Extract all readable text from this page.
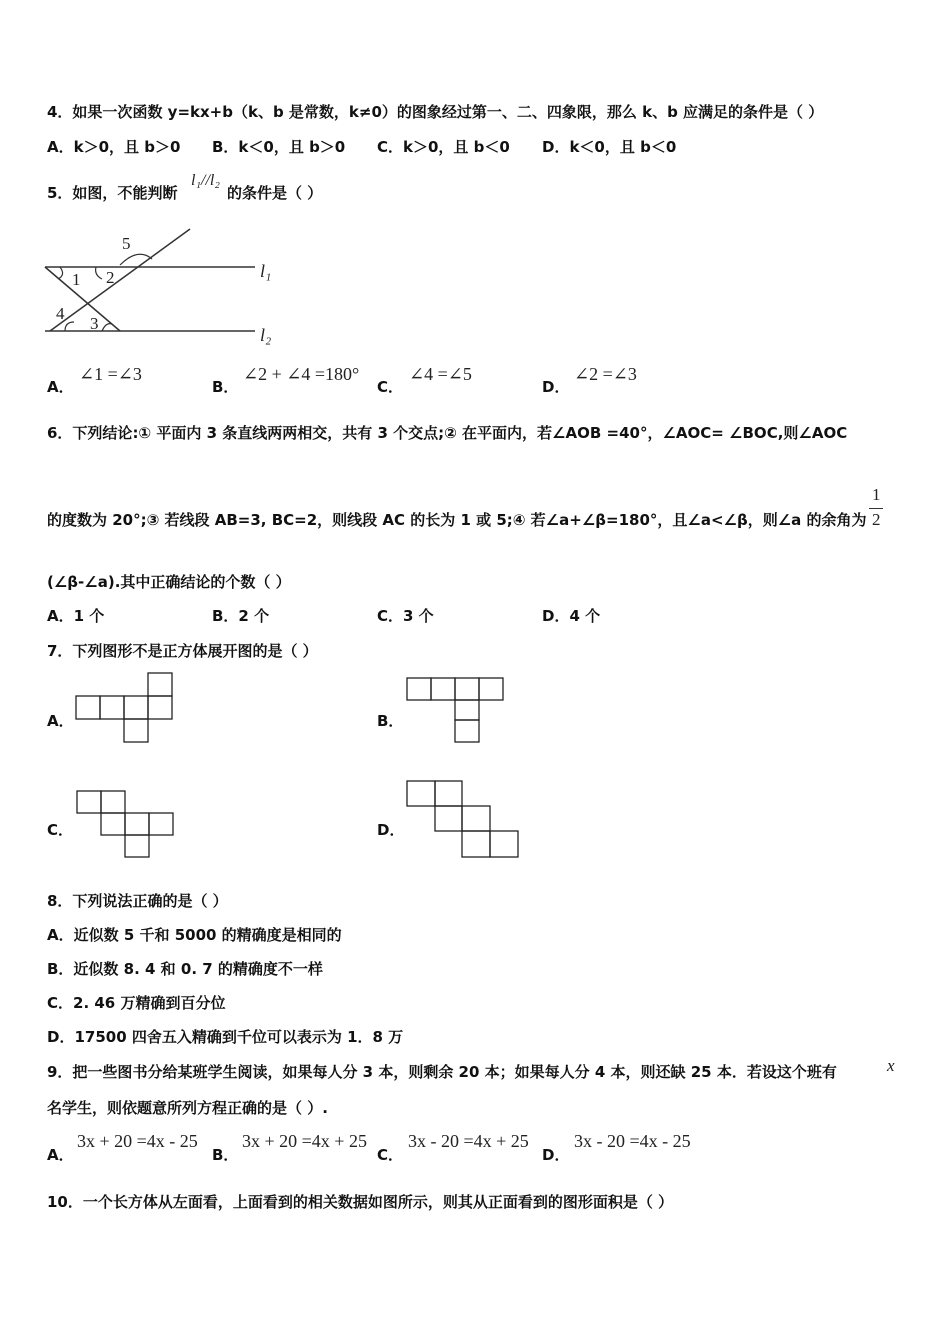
4．如果一次函数 y=kx+b（k、b 是常数，k≠0）的图象经过第一、二、四象限，那么 k、b 应满足的条件是（ ）
A．k＞0，且 b＞0 B．k＜0，且 b＞0 C．k＞0，且 b＜0 D．k＜0，且 b＜0
5．如图，不能判断
l₁//l₂
的条件是（ ）
5
1 2
4
3
l₁
l₂
A．
∠1 =∠3
B．
∠2 + ∠4 =180°
C．
∠4 =∠5
D．
∠2 =∠3
6．下列结论:① 平面内 3 条直线两两相交，共有 3 个交点;② 在平面内，若∠AOB =40°，∠AOC= ∠BOC,则∠AOC
的度数为 20°;③ 若线段 AB=3, BC=2，则线段 AC 的长为 1 或 5;④ 若∠a+∠β=180°，且∠a<∠β，则∠a 的余角为
1
2
(∠β-∠a).其中正确结论的个数（ ）
A．1 个	B．2 个	C．3 个	D．4 个
7．下列图形不是正方体展开图的是（ ）
A．	B．
C．	D．
8．下列说法正确的是（ ）
A．近似数 5 千和 5000 的精确度是相同的
B．近似数 8. 4 和 0. 7 的精确度不一样
C．2. 46 万精确到百分位
D．17500 四舍五入精确到千位可以表示为 1．8 万
9．把一些图书分给某班学生阅读，如果每人分 3 本，则剩余 20 本；如果每人分 4 本，则还缺 25 本．若设这个班有	x
名学生，则依题意所列方程正确的是（ ）.
A．
3x + 20 =4x - 25
B．
3x + 20 =4x + 25
C．
3x - 20 =4x + 25
D．
3x - 20 =4x - 25
10．一个长方体从左面看，上面看到的相关数据如图所示，则其从正面看到的图形面积是（ ）
